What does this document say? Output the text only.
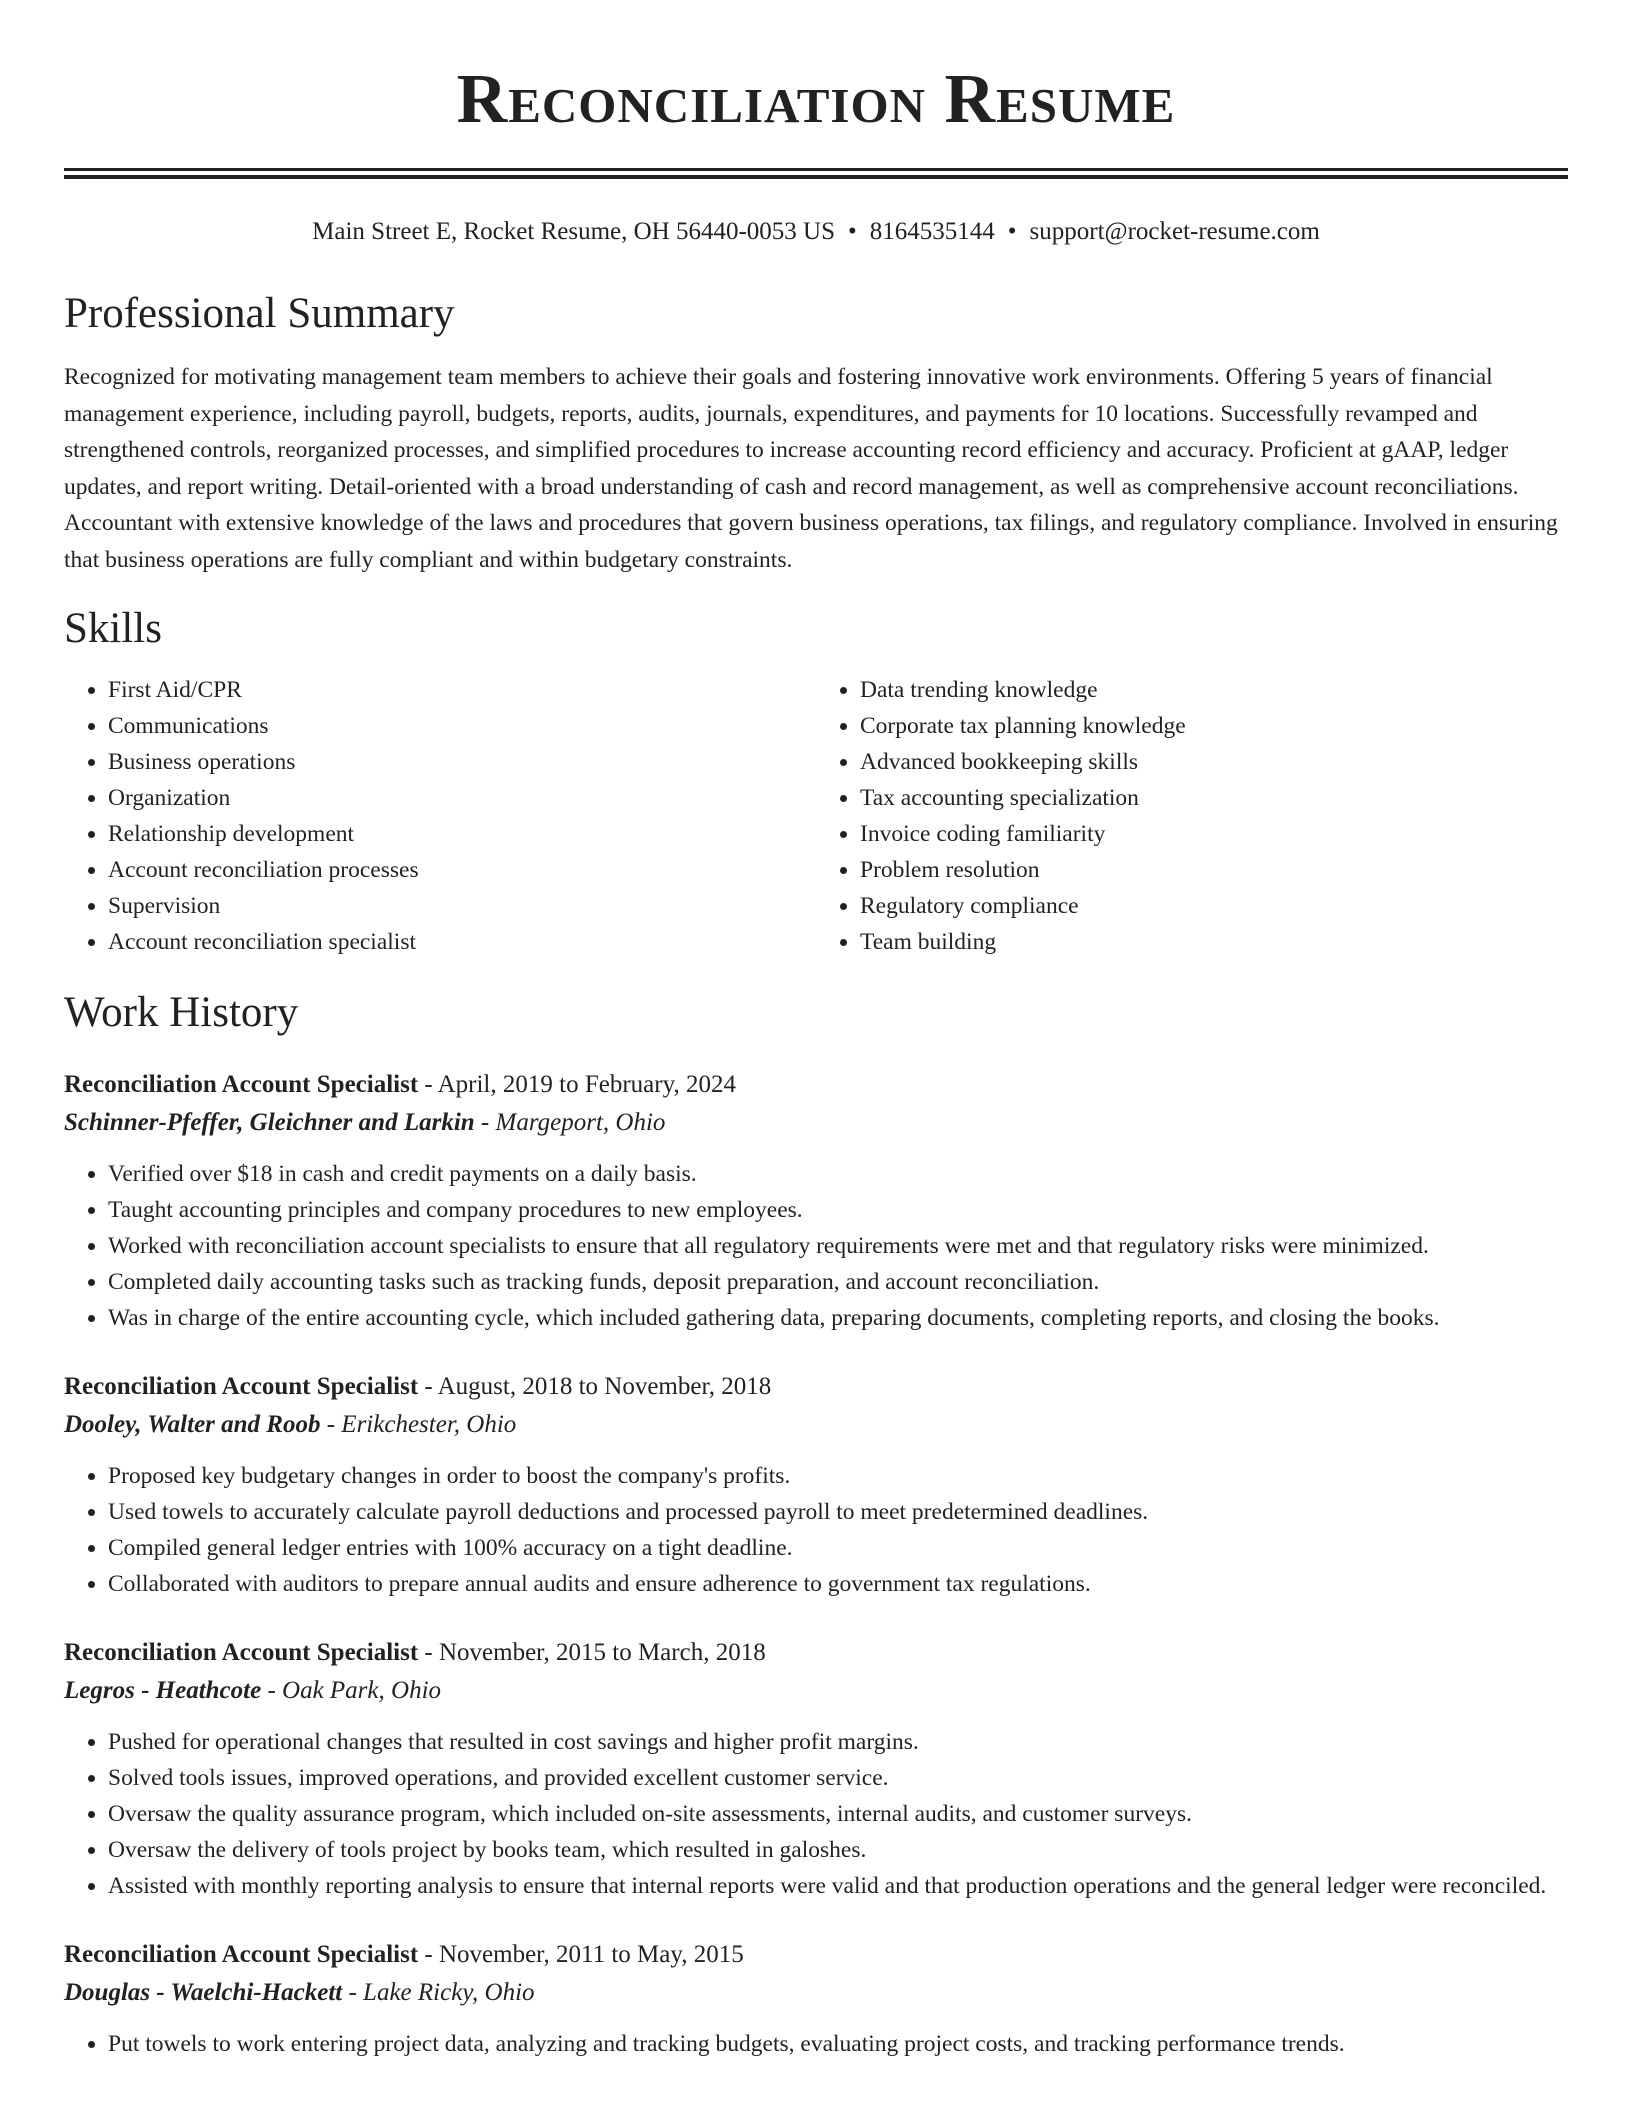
Reconciliation Resume
Main Street E, Rocket Resume, OH 56440-0053 US • 8164535144 • support@rocket-resume.com
Professional Summary

Recognized for motivating management team members to achieve their goals and fostering innovative work environments. Offering 5 years of financial management experience, including payroll, budgets, reports, audits, journals, expenditures, and payments for 10 locations. Successfully revamped and strengthened controls, reorganized processes, and simplified procedures to increase accounting record efficiency and accuracy. Proficient at gAAP, ledger updates, and report writing. Detail-oriented with a broad understanding of cash and record management, as well as comprehensive account reconciliations. Accountant with extensive knowledge of the laws and procedures that govern business operations, tax filings, and regulatory compliance. Involved in ensuring that business operations are fully compliant and within budgetary constraints.

Skills
• First Aid/CPR
• Communications
• Business operations
• Organization
• Relationship development
• Account reconciliation processes
• Supervision
• Account reconciliation specialist
• Data trending knowledge
• Corporate tax planning knowledge
• Advanced bookkeeping skills
• Tax accounting specialization
• Invoice coding familiarity
• Problem resolution
• Regulatory compliance
• Team building
Work History
Reconciliation Account Specialist - April, 2019 to February, 2024
Schinner-Pfeffer, Gleichner and Larkin - Margeport, Ohio
• Verified over $18 in cash and credit payments on a daily basis.
• Taught accounting principles and company procedures to new employees.
• Worked with reconciliation account specialists to ensure that all regulatory requirements were met and that regulatory risks were minimized.
• Completed daily accounting tasks such as tracking funds, deposit preparation, and account reconciliation.
• Was in charge of the entire accounting cycle, which included gathering data, preparing documents, completing reports, and closing the books.
Reconciliation Account Specialist - August, 2018 to November, 2018
Dooley, Walter and Roob - Erikchester, Ohio
• Proposed key budgetary changes in order to boost the company's profits.
• Used towels to accurately calculate payroll deductions and processed payroll to meet predetermined deadlines.
• Compiled general ledger entries with 100% accuracy on a tight deadline.
• Collaborated with auditors to prepare annual audits and ensure adherence to government tax regulations.
Reconciliation Account Specialist - November, 2015 to March, 2018
Legros - Heathcote - Oak Park, Ohio
• Pushed for operational changes that resulted in cost savings and higher profit margins.
• Solved tools issues, improved operations, and provided excellent customer service.
• Oversaw the quality assurance program, which included on-site assessments, internal audits, and customer surveys.
• Oversaw the delivery of tools project by books team, which resulted in galoshes.
• Assisted with monthly reporting analysis to ensure that internal reports were valid and that production operations and the general ledger were reconciled.
Reconciliation Account Specialist - November, 2011 to May, 2015
Douglas - Waelchi-Hackett - Lake Ricky, Ohio
• Put towels to work entering project data, analyzing and tracking budgets, evaluating project costs, and tracking performance trends.
